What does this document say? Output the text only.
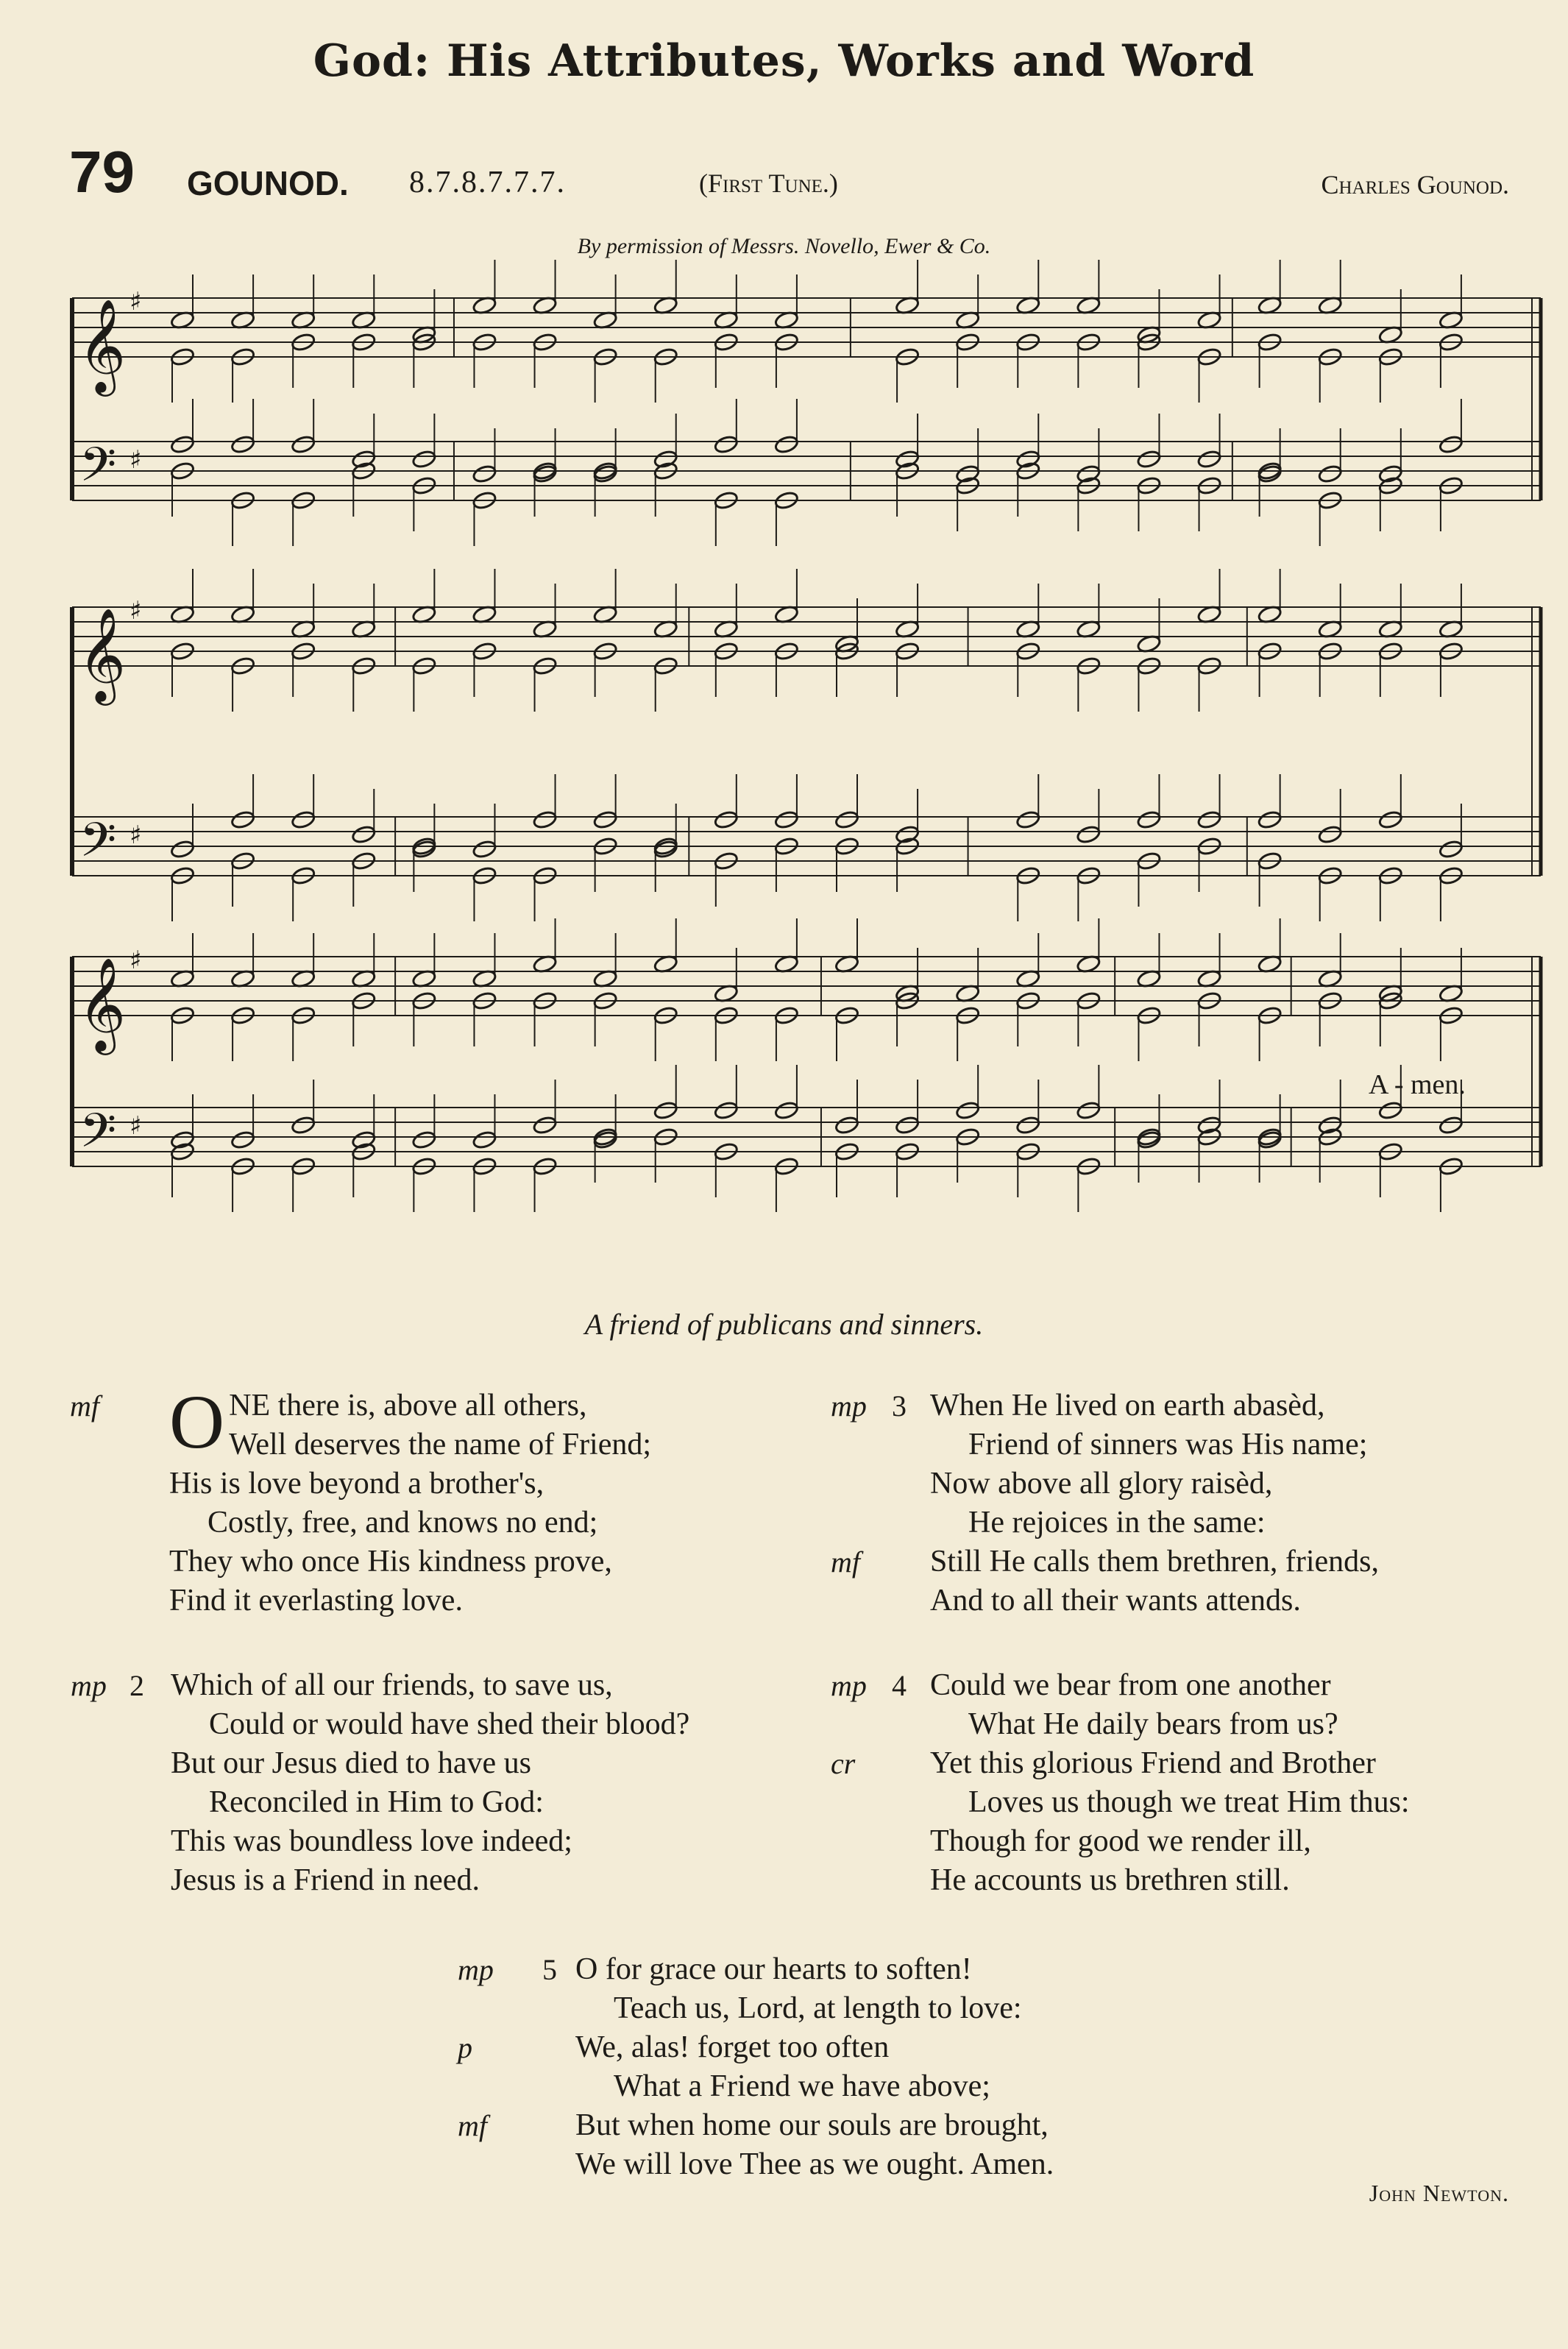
God: His Attributes, Works and Word
79 GOUNOD. 8.7.8.7.7.7.	(First Tune.)	Charles Gounod.
By permission of Messrs. Novello, Ewer & Co.
𝄞
𝄢
♯
♯
𝄞
𝄢
♯
♯
𝄞
𝄢
♯
♯
A - men.
A friend of publicans and sinners.
mf O NE there is, above all others,
Well deserves the name of Friend;
His is love beyond a brother's,
Costly, free, and knows no end;
They who once His kindness prove,
Find it everlasting love.
mp 2 Which of all our friends, to save us,
Could or would have shed their blood?
But our Jesus died to have us
Reconciled in Him to God:
This was boundless love indeed;
Jesus is a Friend in need.
mp 3
mf
When He lived on earth abasèd,
Friend of sinners was His name;
Now above all glory raisèd,
He rejoices in the same:
Still He calls them brethren, friends,
And to all their wants attends.
mp 4
cr
Could we bear from one another
What He daily bears from us?
Yet this glorious Friend and Brother
Loves us though we treat Him thus:
Though for good we render ill,
He accounts us brethren still.
mp 5
p
mf
O for grace our hearts to soften!
Teach us, Lord, at length to love:
We, alas! forget too often
What a Friend we have above;
But when home our souls are brought,
We will love Thee as we ought. Amen.
John Newton.
